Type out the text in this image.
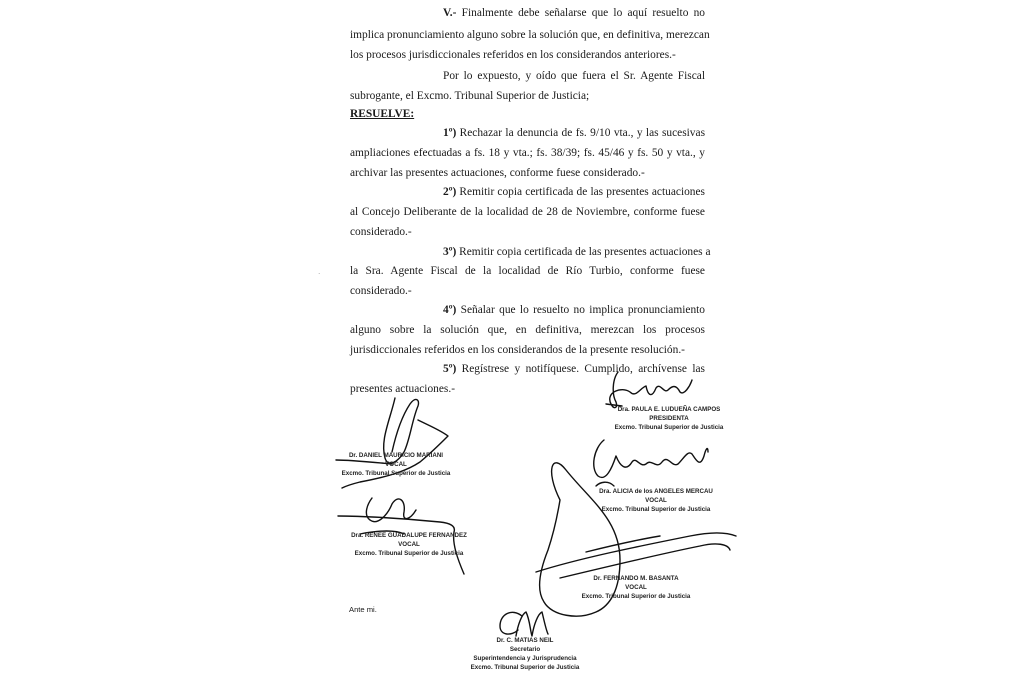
V.- Finalmente debe señalarse que lo aquí resuelto no
implica pronunciamiento alguno sobre la solución que, en definitiva, merezcan
los procesos jurisdiccionales referidos en los considerandos anteriores.-
Por lo expuesto, y oído que fuera el Sr. Agente Fiscal
subrogante, el Excmo. Tribunal Superior de Justicia;
RESUELVE:
1º) Rechazar la denuncia de fs. 9/10 vta., y las sucesivas
ampliaciones efectuadas a fs. 18 y vta.; fs. 38/39; fs. 45/46 y fs. 50 y vta., y
archivar las presentes actuaciones, conforme fuese considerado.-
2º) Remitir copia certificada de las presentes actuaciones
al Concejo Deliberante de la localidad de 28 de Noviembre, conforme fuese
considerado.-
3º) Remitir copia certificada de las presentes actuaciones a
la Sra. Agente Fiscal de la localidad de Río Turbio, conforme fuese
considerado.-
4º) Señalar que lo resuelto no implica pronunciamiento
alguno sobre la solución que, en definitiva, merezcan los procesos
jurisdiccionales referidos en los considerandos de la presente resolución.-
5º) Regístrese y notifíquese. Cumplido, archívense las
presentes actuaciones.-
·
Dra. PAULA E. LUDUEÑA CAMPOS
PRESIDENTA
Excmo. Tribunal Superior de Justicia
Dr. DANIEL MAURICIO MARIANI
VOCAL
Excmo. Tribunal Superior de Justicia
Dra. ALICIA de los ANGELES MERCAU
VOCAL
Excmo. Tribunal Superior de Justicia
Dra. RENEE GUADALUPE FERNANDEZ
VOCAL
Excmo. Tribunal Superior de Justicia
Dr. FERNANDO M. BASANTA
VOCAL
Excmo. Tribunal Superior de Justicia
Ante mi.
Dr. C. MATIAS NEIL
Secretario
Superintendencia y Jurisprudencia
Excmo. Tribunal Superior de Justicia
